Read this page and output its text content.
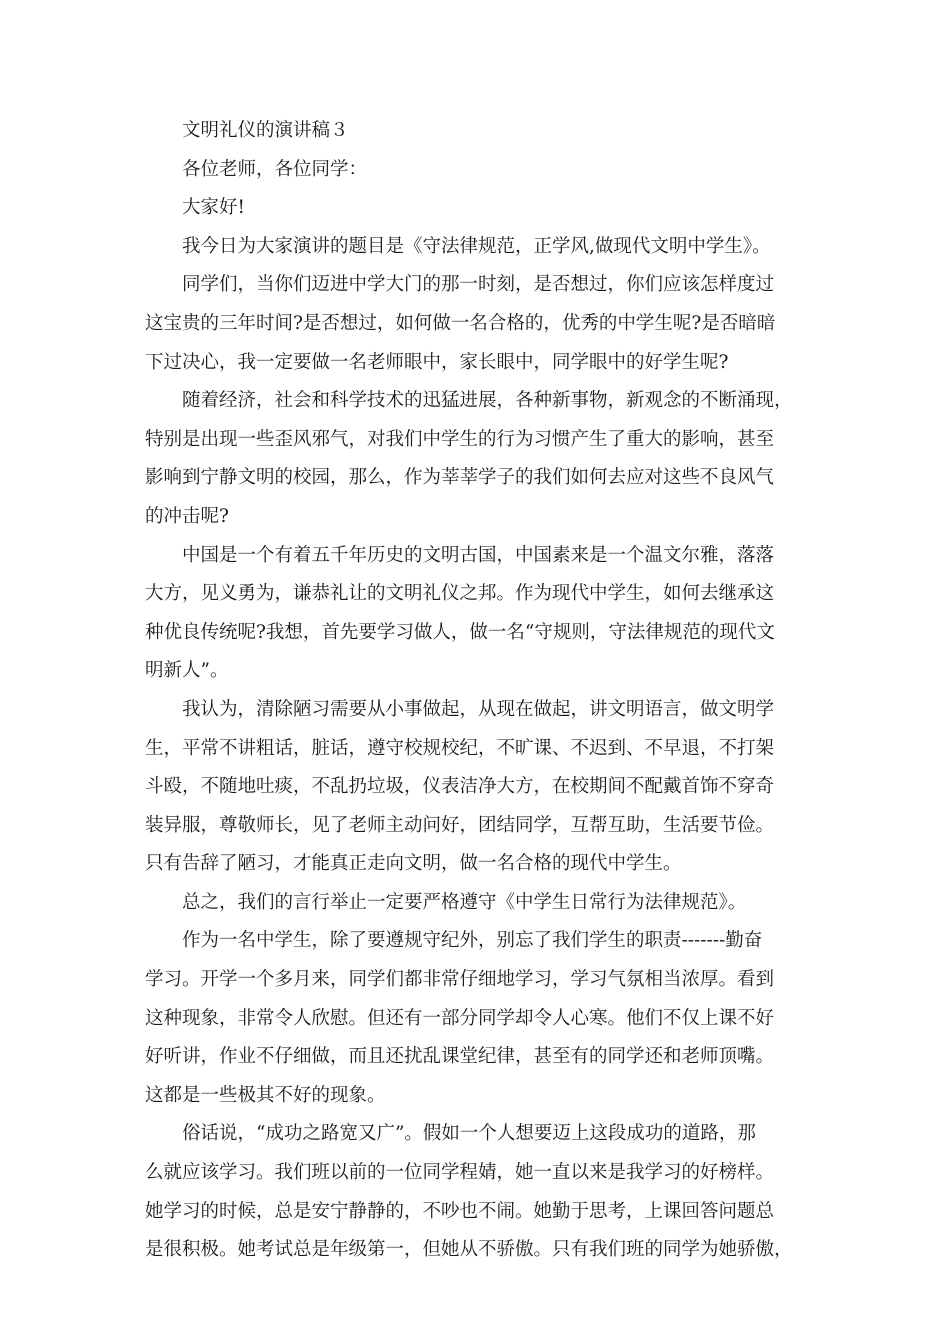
文明礼仪的演讲稿３
各位老师，各位同学：
大家好!
我今日为大家演讲的题目是《守法律规范，正学风,做现代文明中学生》。
同学们，当你们迈进中学大门的那一时刻，是否想过，你们应该怎样度过
这宝贵的三年时间?是否想过，如何做一名合格的，优秀的中学生呢?是否暗暗
下过决心，我一定要做一名老师眼中，家长眼中，同学眼中的好学生呢?
随着经济，社会和科学技术的迅猛进展，各种新事物，新观念的不断涌现，
特别是出现一些歪风邪气，对我们中学生的行为习惯产生了重大的影响，甚至
影响到宁静文明的校园，那么，作为莘莘学子的我们如何去应对这些不良风气
的冲击呢?
中国是一个有着五千年历史的文明古国，中国素来是一个温文尔雅，落落
大方，见义勇为，谦恭礼让的文明礼仪之邦。作为现代中学生，如何去继承这
种优良传统呢?我想，首先要学习做人，做一名“守规则，守法律规范的现代文
明新人”。
我认为，清除陋习需要从小事做起，从现在做起，讲文明语言，做文明学
生，平常不讲粗话，脏话，遵守校规校纪，不旷课、不迟到、不早退，不打架
斗殴，不随地吐痰，不乱扔垃圾，仪表洁净大方，在校期间不配戴首饰不穿奇
装异服，尊敬师长，见了老师主动问好，团结同学，互帮互助，生活要节俭。
只有告辞了陋习，才能真正走向文明，做一名合格的现代中学生。
总之，我们的言行举止一定要严格遵守《中学生日常行为法律规范》。
作为一名中学生，除了要遵规守纪外，别忘了我们学生的职责-------勤奋
学习。开学一个多月来，同学们都非常仔细地学习，学习气氛相当浓厚。看到
这种现象，非常令人欣慰。但还有一部分同学却令人心寒。他们不仅上课不好
好听讲，作业不仔细做，而且还扰乱课堂纪律，甚至有的同学还和老师顶嘴。
这都是一些极其不好的现象。
俗话说，“成功之路宽又广”。假如一个人想要迈上这段成功的道路，那
么就应该学习。我们班以前的一位同学程婧，她一直以来是我学习的好榜样。
她学习的时候，总是安宁静静的，不吵也不闹。她勤于思考，上课回答问题总
是很积极。她考试总是年级第一，但她从不骄傲。只有我们班的同学为她骄傲，
